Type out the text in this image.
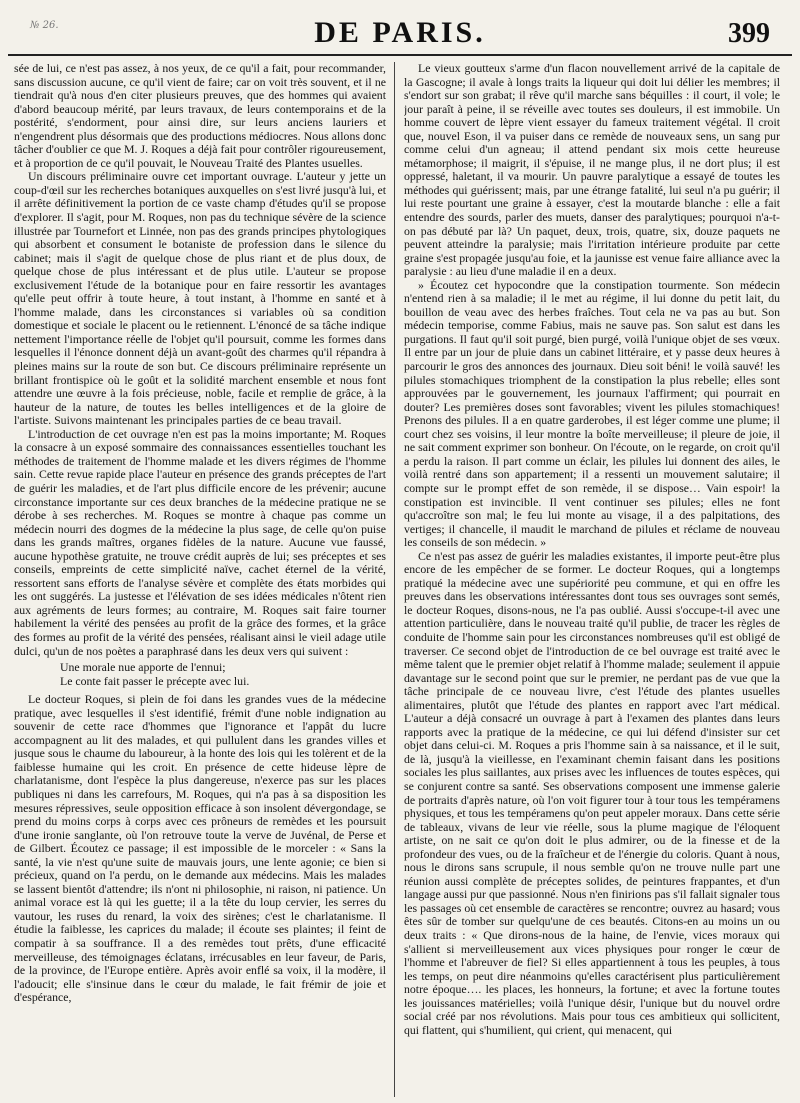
№ 26.	DE PARIS.	399

sée de lui, ce n'est pas assez, à nos yeux, de ce qu'il a fait, pour recommander, sans discussion aucune, ce qu'il vient de faire; car on voit très souvent, et il ne tiendrait qu'à nous d'en citer plusieurs preuves, que des hommes qui avaient d'abord beaucoup mérité, par leurs travaux, de leurs contemporains et de la postérité, s'endorment, pour ainsi dire, sur leurs anciens lauriers et n'engendrent plus désormais que des productions médiocres. Nous allons donc tâcher d'oublier ce que M. J. Roques a déjà fait pour contrôler rigoureusement, et à proportion de ce qu'il pouvait, le Nouveau Traité des Plantes usuelles.

Un discours préliminaire ouvre cet important ouvrage. L'auteur y jette un coup-d'œil sur les recherches botaniques auxquelles on s'est livré jusqu'à lui, et il arrête définitivement la portion de ce vaste champ d'études qu'il se propose d'explorer. Il s'agit, pour M. Roques, non pas du technique sévère de la science illustrée par Tournefort et Linnée, non pas des grands principes phytologiques qui absorbent et consument le botaniste de profession dans le silence du cabinet; mais il s'agit de quelque chose de plus riant et de plus doux, de quelque chose de plus intéressant et de plus utile. L'auteur se propose exclusivement l'étude de la botanique pour en faire ressortir les avantages qu'elle peut offrir à toute heure, à tout instant, à l'homme en santé et à l'homme malade, dans les circonstances si variables où sa condition domestique et sociale le placent ou le retiennent. L'énoncé de sa tâche indique nettement l'importance réelle de l'objet qu'il poursuit, comme les formes dans lesquelles il l'énonce donnent déjà un avant-goût des charmes qu'il répandra à pleines mains sur la route de son but. Ce discours préliminaire représente un brillant frontispice où le goût et la solidité marchent ensemble et nous font attendre une œuvre à la fois précieuse, noble, facile et remplie de grâce, à la hauteur de la nature, de toutes les belles intelligences et de la gloire de l'artiste. Suivons maintenant les principales parties de ce beau travail.

L'introduction de cet ouvrage n'en est pas la moins importante; M. Roques la consacre à un exposé sommaire des connaissances essentielles touchant les méthodes de traitement de l'homme malade et les divers régimes de l'homme sain. Cette revue rapide place l'auteur en présence des grands préceptes de l'art de guérir les maladies, et de l'art plus difficile encore de les prévenir; aucune circonstance importante sur ces deux branches de la médecine pratique ne se dérobe à ses recherches. M. Roques se montre à chaque pas comme un médecin nourri des dogmes de la médecine la plus sage, de celle qu'on puise dans les grands maîtres, organes fidèles de la nature. Aucune vue faussé, aucune hypothèse gratuite, ne trouve crédit auprès de lui; ses préceptes et ses conseils, empreints de cette simplicité naïve, cachet éternel de la vérité, ressortent sans efforts de l'analyse sévère et complète des états morbides qui les ont suggérés. La justesse et l'élévation de ses idées médicales n'ôtent rien aux agréments de leurs formes; au contraire, M. Roques sait faire tourner habilement la vérité des pensées au profit de la grâce des formes, et la grâce des formes au profit de la vérité des pensées, réalisant ainsi le vieil adage utile dulci, qu'un de nos poètes a paraphrasé dans les deux vers qui suivent :

Une morale nue apporte de l'ennui;
Le conte fait passer le précepte avec lui.

Le docteur Roques, si plein de foi dans les grandes vues de la médecine pratique, avec lesquelles il s'est identifié, frémit d'une noble indignation au souvenir de cette race d'hommes que l'ignorance et l'appât du lucre accompagnent au lit des malades, et qui pullulent dans les grandes villes et jusque sous le chaume du laboureur, à la honte des lois qui les tolèrent et de la faiblesse humaine qui les croit. En présence de cette hideuse lèpre de charlatanisme, dont l'espèce la plus dangereuse, n'exerce pas sur les places publiques ni dans les carrefours, M. Roques, qui n'a pas à sa disposition les mesures répressives, seule opposition efficace à son insolent dévergondage, se prend du moins corps à corps avec ces prôneurs de remèdes et les poursuit d'une ironie sanglante, où l'on retrouve toute la verve de Juvénal, de Perse et de Gilbert. Écoutez ce passage; il est impossible de le morceler : « Sans la santé, la vie n'est qu'une suite de mauvais jours, une lente agonie; ce bien si précieux, quand on l'a perdu, on le demande aux médecins. Mais les malades se lassent bientôt d'attendre; ils n'ont ni philosophie, ni raison, ni patience. Un animal vorace est là qui les guette; il a la tête du loup cervier, les serres du vautour, les ruses du renard, la voix des sirènes; c'est le charlatanisme. Il étudie la faiblesse, les caprices du malade; il écoute ses plaintes; il feint de compatir à sa souffrance. Il a des remèdes tout prêts, d'une efficacité merveilleuse, des témoignages éclatans, irrécusables en leur faveur, de Paris, de la province, de l'Europe entière. Après avoir enflé sa voix, il la modère, il l'adoucit; elle s'insinue dans le cœur du malade, le fait frémir de joie et d'espérance,

Le vieux goutteux s'arme d'un flacon nouvellement arrivé de la capitale de la Gascogne; il avale à longs traits la liqueur qui doit lui délier les membres; il s'endort sur son grabat; il rêve qu'il marche sans béquilles : il court, il vole; le jour paraît à peine, il se réveille avec toutes ses douleurs, il est immobile. Un homme couvert de lèpre vient essayer du fameux traitement végétal. Il croit que, nouvel Eson, il va puiser dans ce remède de nouveaux sens, un sang pur comme celui d'un agneau; il attend pendant six mois cette heureuse métamorphose; il maigrit, il s'épuise, il ne mange plus, il ne dort plus; il est oppressé, haletant, il va mourir. Un pauvre paralytique a essayé de toutes les méthodes qui guérissent; mais, par une étrange fatalité, lui seul n'a pu guérir; il lui reste pourtant une graine à essayer, c'est la moutarde blanche : elle a fait entendre des sourds, parler des muets, danser des paralytiques; pourquoi n'a-t-on pas débuté par là? Un paquet, deux, trois, quatre, six, douze paquets ne peuvent atteindre la paralysie; mais l'irritation intérieure produite par cette graine s'est propagée jusqu'au foie, et la jaunisse est venue faire alliance avec la paralysie : au lieu d'une maladie il en a deux.

» Écoutez cet hypocondre que la constipation tourmente. Son médecin n'entend rien à sa maladie; il le met au régime, il lui donne du petit lait, du bouillon de veau avec des herbes fraîches. Tout cela ne va pas au but. Son médecin temporise, comme Fabius, mais ne sauve pas. Son salut est dans les purgations. Il faut qu'il soit purgé, bien purgé, voilà l'unique objet de ses vœux. Il entre par un jour de pluie dans un cabinet littéraire, et y passe deux heures à parcourir le gros des annonces des journaux. Dieu soit béni! le voilà sauvé! les pilules stomachiques triomphent de la constipation la plus rebelle; elles sont approuvées par le gouvernement, les journaux l'affirment; qui pourrait en douter? Les premières doses sont favorables; vivent les pilules stomachiques! Prenons des pilules. Il a en quatre garderobes, il est léger comme une plume; il court chez ses voisins, il leur montre la boîte merveilleuse; il pleure de joie, il ne sait comment exprimer son bonheur. On l'écoute, on le regarde, on croit qu'il a perdu la raison. Il part comme un éclair, les pilules lui donnent des ailes, le voilà rentré dans son appartement; il a ressenti un mouvement salutaire; il compte sur le prompt effet de son remède, il se dispose… Vain espoir! la constipation est invincible. Il vent continuer ses pilules; elles ne font qu'accroître son mal; le feu lui monte au visage, il a des palpitations, des vertiges; il chancelle, il maudit le marchand de pilules et réclame de nouveau les conseils de son médecin. »

Ce n'est pas assez de guérir les maladies existantes, il importe peut-être plus encore de les empêcher de se former. Le docteur Roques, qui a longtemps pratiqué la médecine avec une supériorité peu commune, et qui en offre les preuves dans les observations intéressantes dont tous ses ouvrages sont semés, le docteur Roques, disons-nous, ne l'a pas oublié. Aussi s'occupe-t-il avec une attention particulière, dans le nouveau traité qu'il publie, de tracer les règles de conduite de l'homme sain pour les circonstances nombreuses qu'il est obligé de traverser. Ce second objet de l'introduction de ce bel ouvrage est traité avec le même talent que le premier objet relatif à l'homme malade; seulement il appuie davantage sur le second point que sur le premier, ne perdant pas de vue que la tâche principale de ce nouveau livre, c'est l'étude des plantes usuelles alimentaires, plutôt que l'étude des plantes en rapport avec l'art médical. L'auteur a déjà consacré un ouvrage à part à l'examen des plantes dans leurs rapports avec la pratique de la médecine, ce qui lui défend d'insister sur cet objet dans celui-ci. M. Roques a pris l'homme sain à sa naissance, et il le suit, de là, jusqu'à la vieillesse, en l'examinant chemin faisant dans les positions sociales les plus saillantes, aux prises avec les influences de toutes espèces, qui se conjurent contre sa santé. Ses observations composent une immense galerie de portraits d'après nature, où l'on voit figurer tour à tour tous les tempéramens physiques, et tous les tempéramens qu'on peut appeler moraux. Dans cette série de tableaux, vivans de leur vie réelle, sous la plume magique de l'éloquent artiste, on ne sait ce qu'on doit le plus admirer, ou de la finesse et de la profondeur des vues, ou de la fraîcheur et de l'énergie du coloris. Quant à nous, nous le dirons sans scrupule, il nous semble qu'on ne trouve nulle part une réunion aussi complète de préceptes solides, de peintures frappantes, et d'un langage aussi pur que passionné. Nous n'en finirions pas s'il fallait signaler tous les passages où cet ensemble de caractères se rencontre; ouvrez au hasard; vous êtes sûr de tomber sur quelqu'une de ces beautés. Citons-en au moins un ou deux traits : « Que dirons-nous de la haine, de l'envie, vices moraux qui s'allient si merveilleusement aux vices physiques pour ronger le cœur de l'homme et l'abreuver de fiel? Si elles appartiennent à tous les peuples, à tous les temps, on peut dire néanmoins qu'elles caractérisent plus particulièrement notre époque…. les places, les honneurs, la fortune; et avec la fortune toutes les jouissances matérielles; voilà l'unique désir, l'unique but du nouvel ordre social créé par nos révolutions. Mais pour tous ces ambitieux qui sollicitent, qui flattent, qui s'humilient, qui crient, qui menacent, qui
